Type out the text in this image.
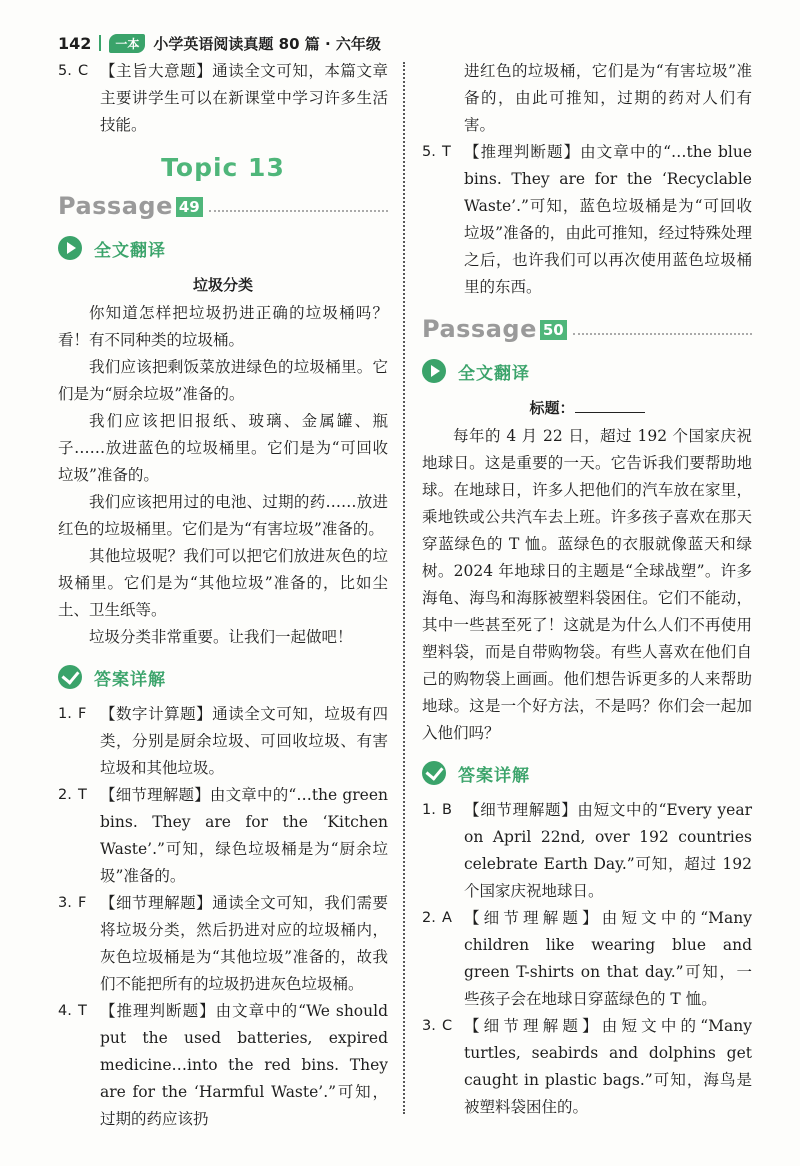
142	一本 小学英语阅读真题 80 篇 · 六年级
5. C 【主旨大意题】通读全文可知，本篇文章主要讲学生可以在新课堂中学习许多生活技能。
Topic 13
Passage 49
全文翻译
垃圾分类

你知道怎样把垃圾扔进正确的垃圾桶吗？看！有不同种类的垃圾桶。

我们应该把剩饭菜放进绿色的垃圾桶里。它们是为“厨余垃圾”准备的。

我们应该把旧报纸、玻璃、金属罐、瓶子……放进蓝色的垃圾桶里。它们是为“可回收垃圾”准备的。

我们应该把用过的电池、过期的药……放进红色的垃圾桶里。它们是为“有害垃圾”准备的。

其他垃圾呢？我们可以把它们放进灰色的垃圾桶里。它们是为“其他垃圾”准备的，比如尘土、卫生纸等。

垃圾分类非常重要。让我们一起做吧！

答案详解
1. F 【数字计算题】通读全文可知，垃圾有四类，分别是厨余垃圾、可回收垃圾、有害垃圾和其他垃圾。
2. T 【细节理解题】由文章中的“…the green bins. They are for the ‘Kitchen Waste’.”可知，绿色垃圾桶是为“厨余垃圾”准备的。
3. F 【细节理解题】通读全文可知，我们需要将垃圾分类，然后扔进对应的垃圾桶内，灰色垃圾桶是为“其他垃圾”准备的，故我们不能把所有的垃圾扔进灰色垃圾桶。
4. T 【推理判断题】由文章中的“We should put the used batteries, expired medicine…into the red bins. They are for the ‘Harmful Waste’.”可知，过期的药应该扔
进红色的垃圾桶，它们是为“有害垃圾”准备的，由此可推知，过期的药对人们有害。
5. T 【推理判断题】由文章中的“…the blue bins. They are for the ‘Recyclable Waste’.”可知，蓝色垃圾桶是为“可回收垃圾”准备的，由此可推知，经过特殊处理之后，也许我们可以再次使用蓝色垃圾桶里的东西。
Passage 50
全文翻译
标题：

每年的 4 月 22 日，超过 192 个国家庆祝地球日。这是重要的一天。它告诉我们要帮助地球。在地球日，许多人把他们的汽车放在家里，乘地铁或公共汽车去上班。许多孩子喜欢在那天穿蓝绿色的 T 恤。蓝绿色的衣服就像蓝天和绿树。2024 年地球日的主题是“全球战塑”。许多海龟、海鸟和海豚被塑料袋困住。它们不能动，其中一些甚至死了！这就是为什么人们不再使用塑料袋，而是自带购物袋。有些人喜欢在他们自己的购物袋上画画。他们想告诉更多的人来帮助地球。这是一个好方法，不是吗？你们会一起加入他们吗？

答案详解
1. B 【细节理解题】由短文中的“Every year on April 22nd, over 192 countries celebrate Earth Day.”可知，超过 192 个国家庆祝地球日。
2. A 【细节理解题】由短文中的“Many children like wearing blue and green T-shirts on that day.”可知，一些孩子会在地球日穿蓝绿色的 T 恤。
3. C 【细节理解题】由短文中的“Many turtles, seabirds and dolphins get caught in plastic bags.”可知，海鸟是被塑料袋困住的。
